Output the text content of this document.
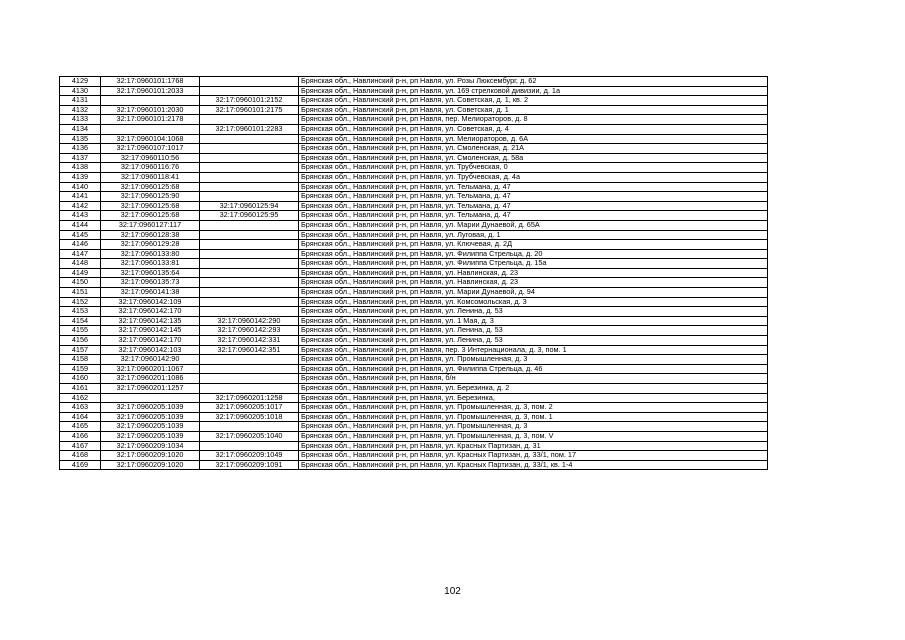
4129	32:17:0960101:1768		Брянская обл., Навлинский р-н, рп Навля, ул. Розы Люксембург, д. 62
4130	32:17:0960101:2033		Брянская обл., Навлинский р-н, рп Навля, ул. 169 стрелковой дивизии, д. 1а
4131		32:17:0960101:2152	Брянская обл., Навлинский р-н, рп Навля, ул. Советская, д. 1, кв. 2
4132	32:17:0960101:2030	32:17:0960101:2175	Брянская обл., Навлинский р-н, рп Навля, ул. Советская, д. 1
4133	32:17:0960101:2178		Брянская обл., Навлинский р-н, рп Навля, пер. Мелиораторов, д. 8
4134		32:17:0960101:2283	Брянская обл., Навлинский р-н, рп Навля, ул. Советская, д. 4
4135	32:17:0960104:1068		Брянская обл., Навлинский р-н, рп Навля, ул. Мелиораторов, д. 6А
4136	32:17:0960107:1017		Брянская обл., Навлинский р-н, рп Навля, ул. Смоленская, д. 21А
4137	32:17:0960110:56		Брянская обл., Навлинский р-н, рп Навля, ул. Смоленская, д. 58а
4138	32:17:0960116:76		Брянская обл., Навлинский р-н, рп Навля, ул. Трубчевская, 0
4139	32:17:0960118:41		Брянская обл., Навлинский р-н, рп Навля, ул. Трубчевская, д. 4а
4140	32:17:0960125:68		Брянская обл., Навлинский р-н, рп Навля, ул. Тельмана, д. 47
4141	32:17:0960125:90		Брянская обл., Навлинский р-н, рп Навля, ул. Тельмана, д. 47
4142	32:17:0960125:68	32:17:0960125:94	Брянская обл., Навлинский р-н, рп Навля, ул. Тельмана, д. 47
4143	32:17:0960125:68	32:17:0960125:95	Брянская обл., Навлинский р-н, рп Навля, ул. Тельмана, д. 47
4144	32:17:0960127:117		Брянская обл., Навлинский р-н, рп Навля, ул. Марии Дунаевой, д. 65А
4145	32:17:0960128:38		Брянская обл., Навлинский р-н, рп Навля, ул. Луговая, д. 1
4146	32:17:0960129:28		Брянская обл., Навлинский р-н, рп Навля, ул. Ключевая, д. 2Д
4147	32:17:0960133:80		Брянская обл., Навлинский р-н, рп Навля, ул. Филиппа Стрельца, д. 20
4148	32:17:0960133:81		Брянская обл., Навлинский р-н, рп Навля, ул. Филиппа Стрельца, д. 15а
4149	32:17:0960135:64		Брянская обл., Навлинский р-н, рп Навля, ул. Навлинская, д. 23
4150	32:17:0960135:73		Брянская обл., Навлинский р-н, рп Навля, ул. Навлинская, д. 23
4151	32:17:0960141:38		Брянская обл., Навлинский р-н, рп Навля, ул. Марии Дунаевой, д. 94
4152	32:17:0960142:109		Брянская обл., Навлинский р-н, рп Навля, ул. Комсомольская, д. 3
4153	32:17:0960142:170		Брянская обл., Навлинский р-н, рп Навля, ул. Ленина, д. 53
4154	32:17:0960142:135	32:17:0960142:290	Брянская обл., Навлинский р-н, рп Навля, ул. 1 Мая, д. 3
4155	32:17:0960142:145	32:17:0960142:293	Брянская обл., Навлинский р-н, рп Навля, ул. Ленина, д. 53
4156	32:17:0960142:170	32:17:0960142:331	Брянская обл., Навлинский р-н, рп Навля, ул. Ленина, д. 53
4157	32:17:0960142:103	32:17:0960142:351	Брянская обл., Навлинский р-н, рп Навля, пер. 3 Интернационала, д. 3, пом. 1
4158	32:17:0960142:90		Брянская обл., Навлинский р-н, рп Навля, ул. Промышленная, д. 3
4159	32:17:0960201:1067		Брянская обл., Навлинский р-н, рп Навля, ул. Филиппа Стрельца, д. 46
4160	32:17:0960201:1086		Брянская обл., Навлинский р-н, рп Навля, б/н
4161	32:17:0960201:1257		Брянская обл., Навлинский р-н, рп Навля, ул. Березинка, д. 2
4162		32:17:0960201:1258	Брянская обл., Навлинский р-н, рп Навля, ул. Березинка,
4163	32:17:0960205:1039	32:17:0960205:1017	Брянская обл., Навлинский р-н, рп Навля, ул. Промышленная, д. 3, пом. 2
4164	32:17:0960205:1039	32:17:0960205:1018	Брянская обл., Навлинский р-н, рп Навля, ул. Промышленная, д. 3, пом. 1
4165	32:17:0960205:1039		Брянская обл., Навлинский р-н, рп Навля, ул. Промышленная, д. 3
4166	32:17:0960205:1039	32:17:0960205:1040	Брянская обл., Навлинский р-н, рп Навля, ул. Промышленная, д. 3, пом. V
4167	32:17:0960209:1034		Брянская обл., Навлинский р-н, рп Навля, ул. Красных Партизан, д. 31
4168	32:17:0960209:1020	32:17:0960209:1049	Брянская обл., Навлинский р-н, рп Навля, ул. Красных Партизан, д. 33/1, пом. 17
4169	32:17:0960209:1020	32:17:0960209:1091	Брянская обл., Навлинский р-н, рп Навля, ул. Красных Партизан, д. 33/1, кв. 1-4
102
